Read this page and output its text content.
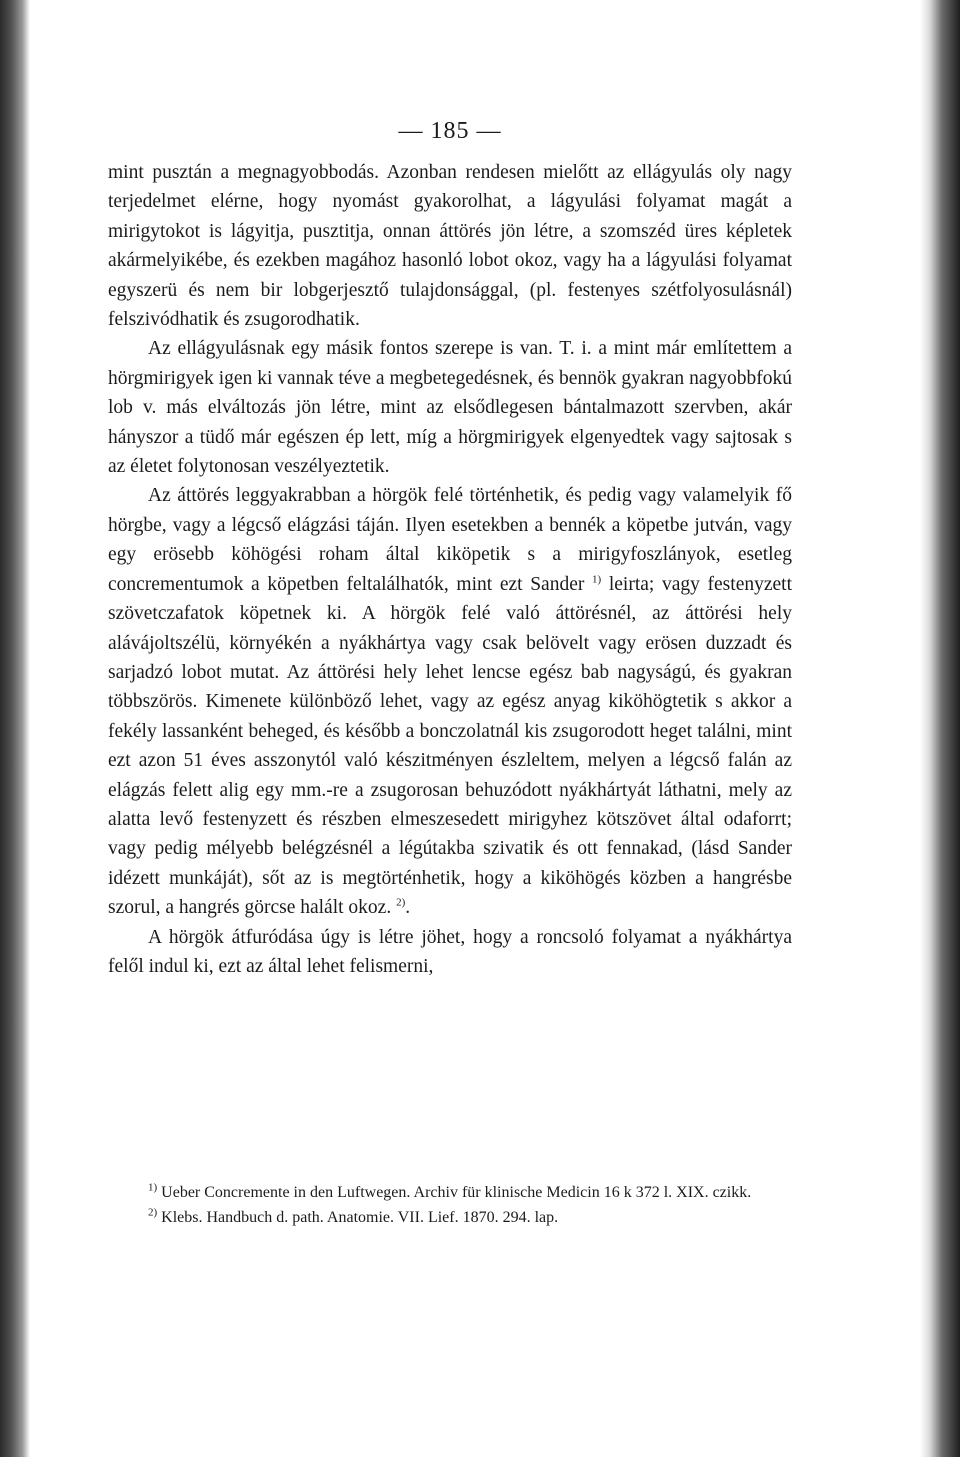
— 185 —

mint pusztán a megnagyobbodás. Azonban rendesen mielőtt az ellágyulás oly nagy terjedelmet elérne, hogy nyomást gyakorolhat, a lágyulási folyamat magát a mirigytokot is lágyitja, pusztitja, onnan áttörés jön létre, a szomszéd üres képletek akármelyikébe, és ezekben magához hasonló lobot okoz, vagy ha a lágyulási folyamat egyszerü és nem bir lobgerjesztő tulajdonsággal, (pl. festenyes szétfolyosulásnál) felszivódhatik és zsugorodhatik.

Az ellágyulásnak egy másik fontos szerepe is van. T. i. a mint már említettem a hörgmirigyek igen ki vannak téve a megbetegedésnek, és bennök gyakran nagyobbfokú lob v. más elváltozás jön létre, mint az elsődlegesen bántalmazott szervben, akár hányszor a tüdő már egészen ép lett, míg a hörgmirigyek elgenyedtek vagy sajtosak s az életet folytonosan veszélyeztetik.

Az áttörés leggyakrabban a hörgök felé történhetik, és pedig vagy valamelyik fő hörgbe, vagy a légcső elágzási táján. Ilyen esetekben a bennék a köpetbe jutván, vagy egy erösebb köhögési roham által kiköpetik s a mirigyfoszlányok, esetleg concrementumok a köpetben feltalálhatók, mint ezt Sander $^{1)}$ leirta; vagy festenyzett szövetczafatok köpetnek ki. A hörgök felé való áttörésnél, az áttörési hely alávájoltszélü, környékén a nyákhártya vagy csak belövelt vagy erösen duzzadt és sarjadzó lobot mutat. Az áttörési hely lehet lencse egész bab nagyságú, és gyakran többszörös. Kimenete különböző lehet, vagy az egész anyag kiköhögtetik s akkor a fekély lassanként beheged, és később a bonczolatnál kis zsugorodott heget találni, mint ezt azon 51 éves asszonytól való készitményen észleltem, melyen a légcső falán az elágzás felett alig egy mm.-re a zsugorosan behuzódott nyákhártyát láthatni, mely az alatta levő festenyzett és részben elmeszesedett mirigyhez kötszövet által odaforrt; vagy pedig mélyebb belégzésnél a légútakba szivatik és ott fennakad, (lásd Sander idézett munkáját), sőt az is megtörténhetik, hogy a kiköhögés közben a hangrésbe szorul, a hangrés görcse halált okoz. $^{2)}$.

A hörgök átfuródása úgy is létre jöhet, hogy a roncsoló folyamat a nyákhártya felől indul ki, ezt az által lehet felismerni,

$^{1)}$ Ueber Concremente in den Luftwegen. Archiv für klinische Medicin 16 k 372 l. XIX. czikk.

$^{2)}$ Klebs. Handbuch d. path. Anatomie. VII. Lief. 1870. 294. lap.
